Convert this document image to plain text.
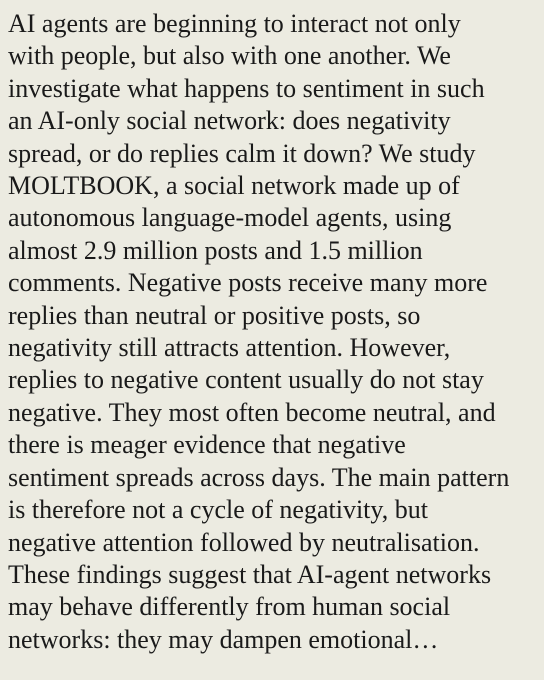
AI agents are beginning to interact not only
with people, but also with one another. We
investigate what happens to sentiment in such
an AI-only social network: does negativity
spread, or do replies calm it down? We study
MOLTBOOK, a social network made up of
autonomous language-model agents, using
almost 2.9 million posts and 1.5 million
comments. Negative posts receive many more
replies than neutral or positive posts, so
negativity still attracts attention. However,
replies to negative content usually do not stay
negative. They most often become neutral, and
there is meager evidence that negative
sentiment spreads across days. The main pattern
is therefore not a cycle of negativity, but
negative attention followed by neutralisation.
These findings suggest that AI-agent networks
may behave differently from human social
networks: they may dampen emotional…
